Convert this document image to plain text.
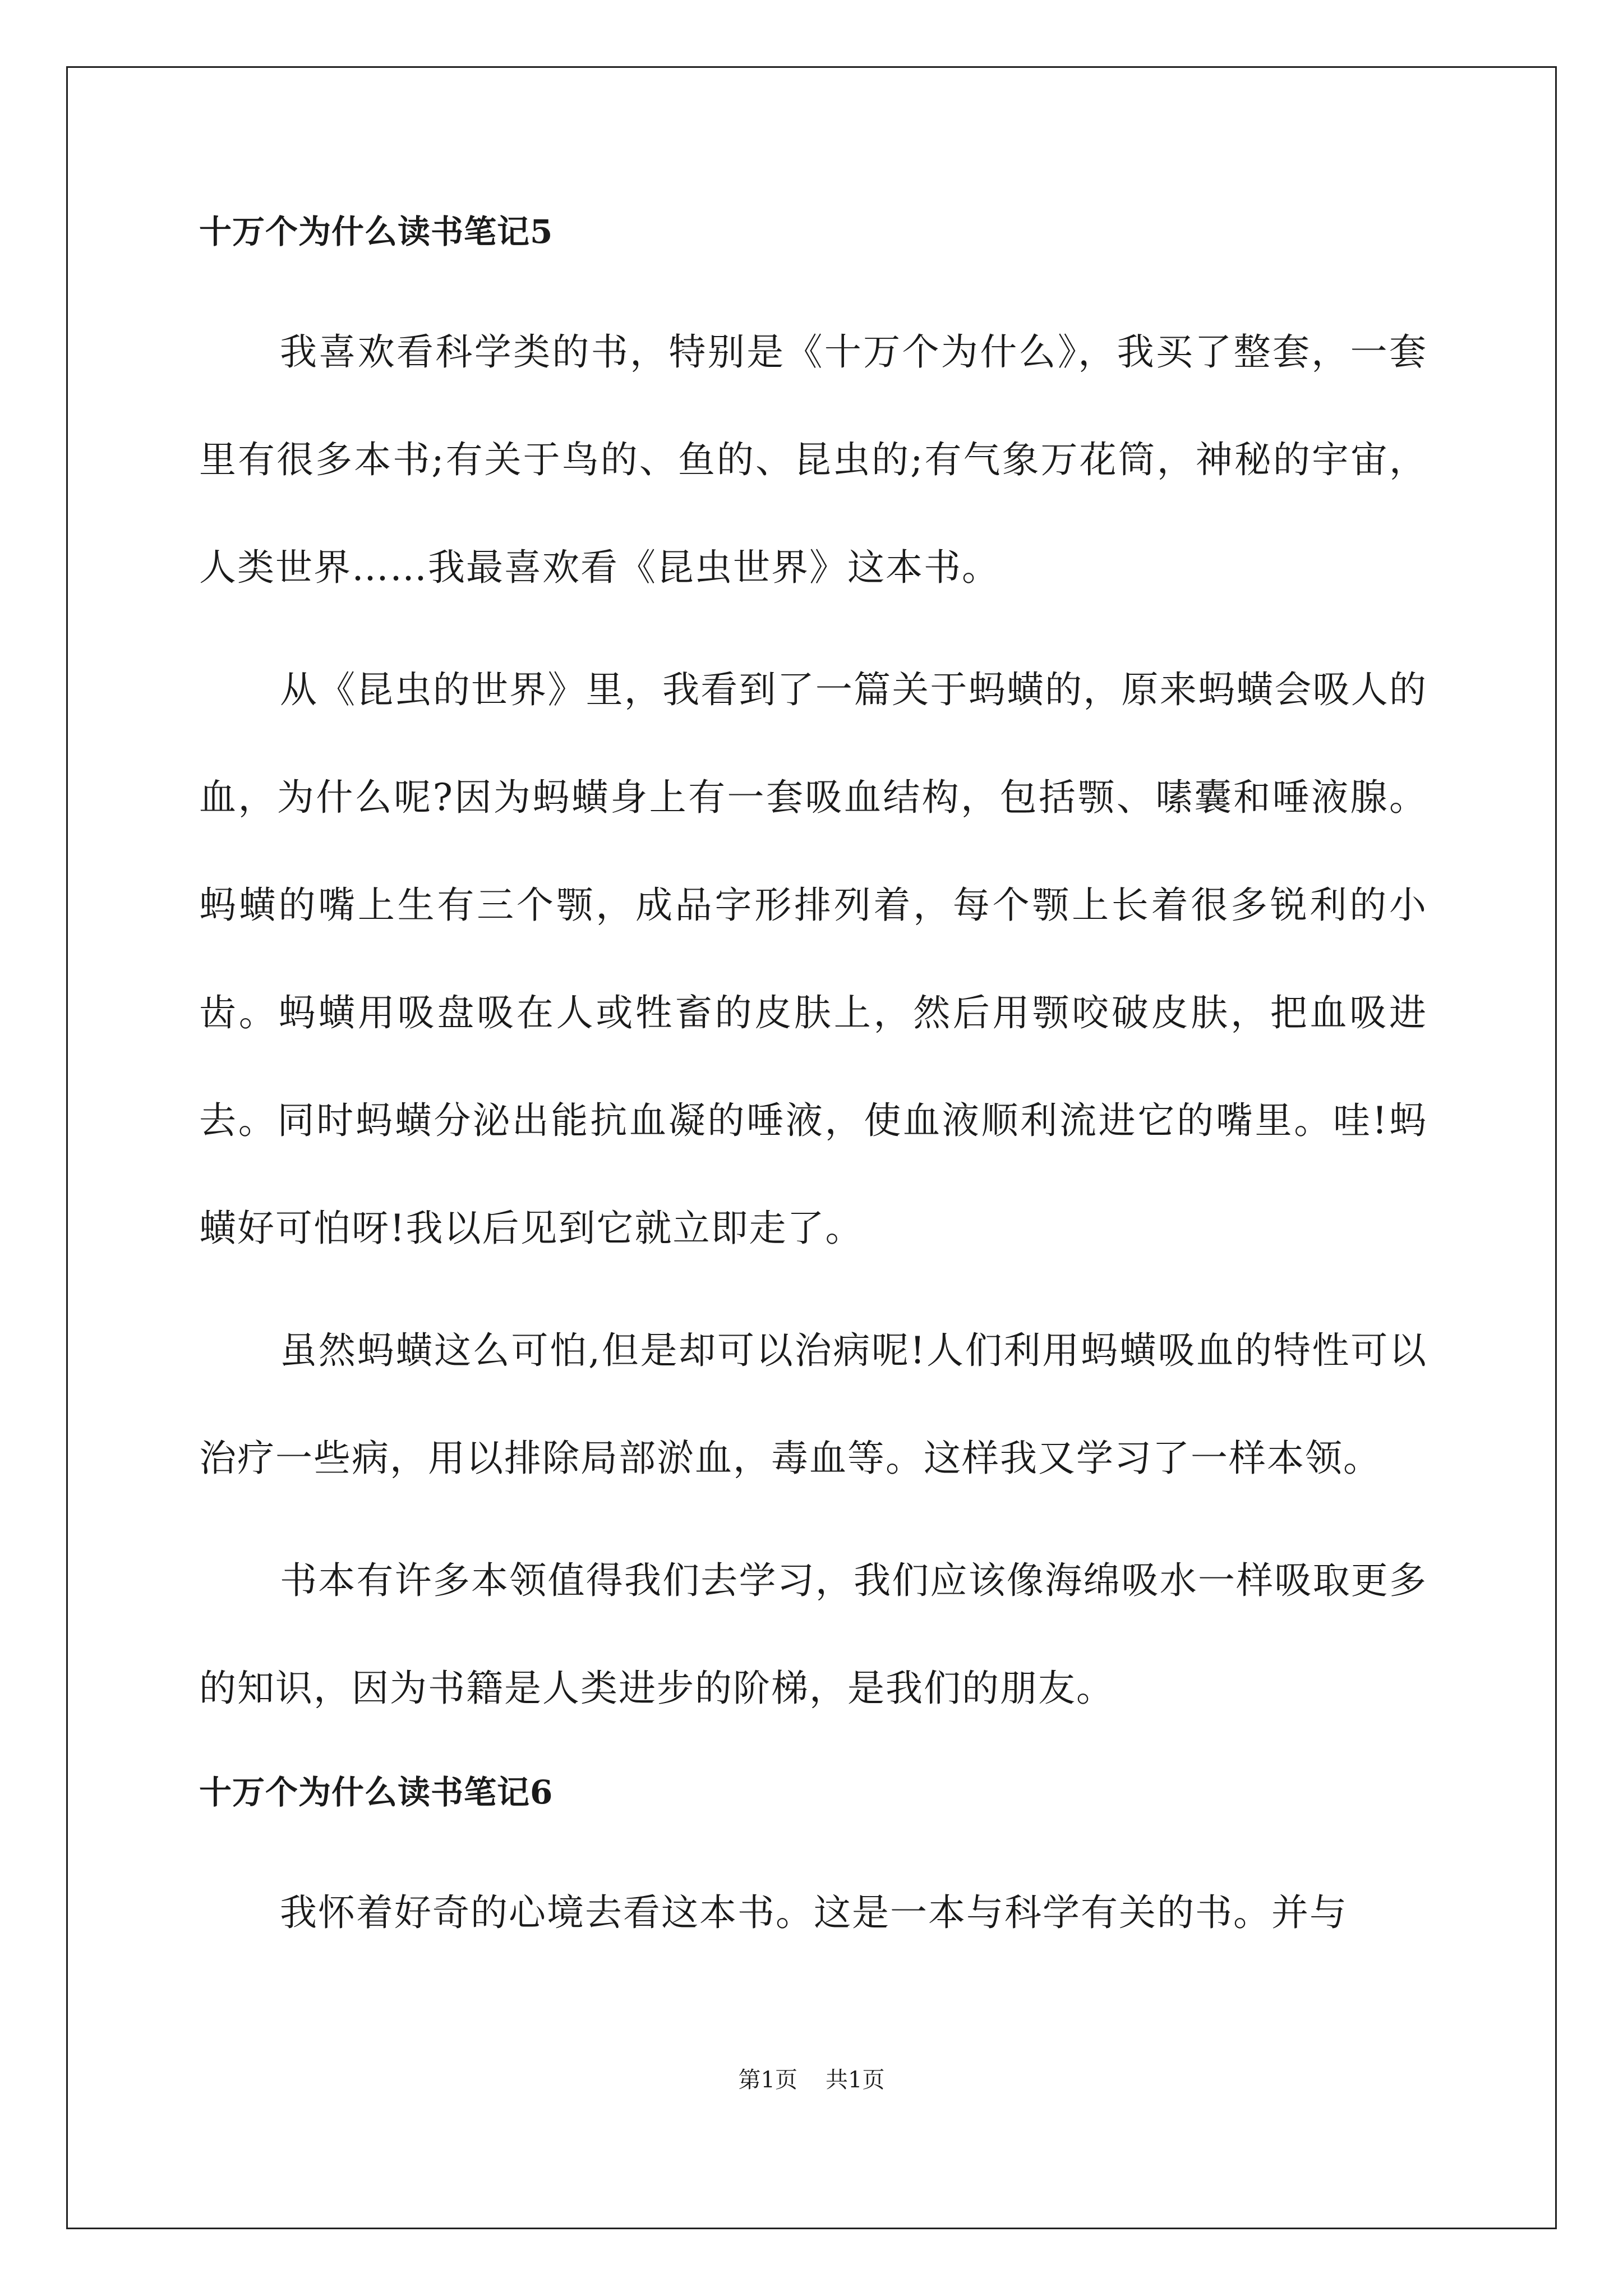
十万个为什么读书笔记5

我喜欢看科学类的书，特别是《十万个为什么》，我买了整套，一套里有很多本书;有关于鸟的、鱼的、昆虫的;有气象万花筒，神秘的宇宙，人类世界……我最喜欢看《昆虫世界》这本书。

从《昆虫的世界》里，我看到了一篇关于蚂蟥的，原来蚂蟥会吸人的血，为什么呢?因为蚂蟥身上有一套吸血结构，包括颚、嗉囊和唾液腺。蚂蟥的嘴上生有三个颚，成品字形排列着，每个颚上长着很多锐利的小齿。蚂蟥用吸盘吸在人或牲畜的皮肤上，然后用颚咬破皮肤，把血吸进去。同时蚂蟥分泌出能抗血凝的唾液，使血液顺利流进它的嘴里。哇!蚂蟥好可怕呀!我以后见到它就立即走了。

虽然蚂蟥这么可怕,但是却可以治病呢!人们利用蚂蟥吸血的特性可以治疗一些病，用以排除局部淤血，毒血等。这样我又学习了一样本领。

书本有许多本领值得我们去学习，我们应该像海绵吸水一样吸取更多的知识，因为书籍是人类进步的阶梯，是我们的朋友。

十万个为什么读书笔记6

我怀着好奇的心境去看这本书。这是一本与科学有关的书。并与

第1页 共1页
